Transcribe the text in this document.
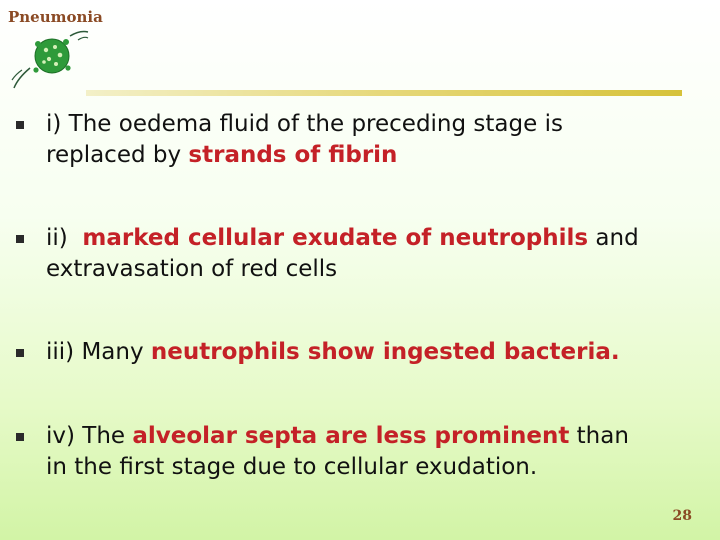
Pneumonia
i) The oedema fluid of the preceding stage is
replaced by strands of fibrin
ii)  marked cellular exudate of neutrophils and
extravasation of red cells
iii) Many neutrophils show ingested bacteria.
iv) The alveolar septa are less prominent than
in the first stage due to cellular exudation.
28
